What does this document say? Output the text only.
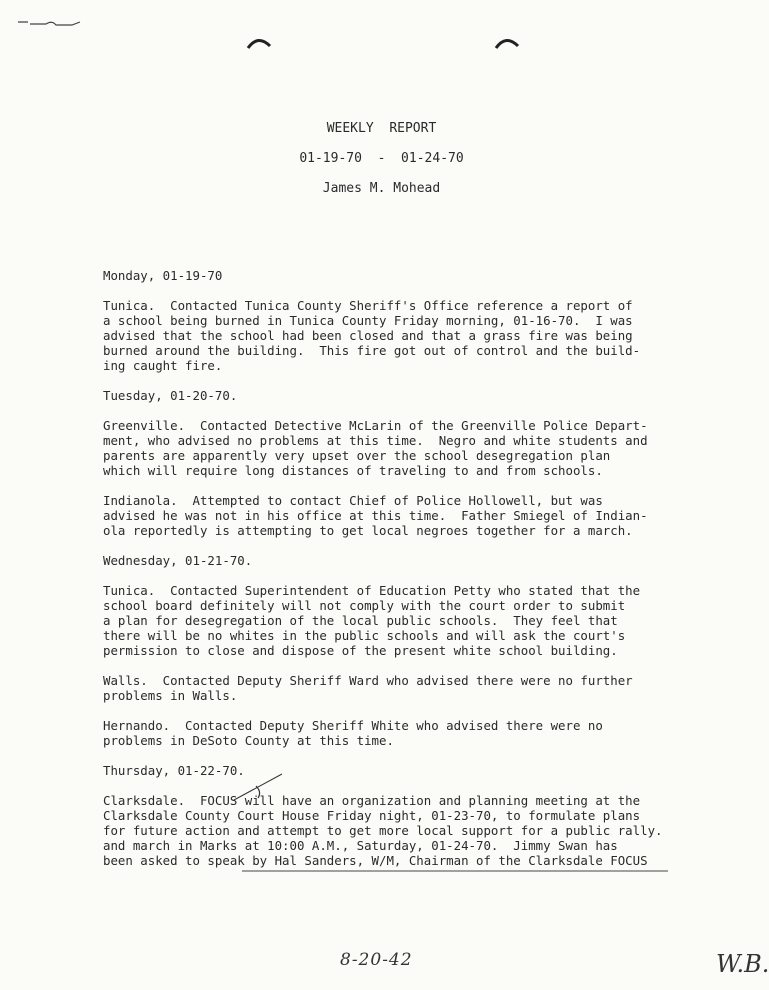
WEEKLY  REPORT
01-19-70  -  01-24-70
James M. Mohead

Monday, 01-19-70

Tunica.  Contacted Tunica County Sheriff's Office reference a report of
a school being burned in Tunica County Friday morning, 01-16-70.  I was
advised that the school had been closed and that a grass fire was being
burned around the building.  This fire got out of control and the build-
ing caught fire.

Tuesday, 01-20-70.

Greenville.  Contacted Detective McLarin of the Greenville Police Depart-
ment, who advised no problems at this time.  Negro and white students and
parents are apparently very upset over the school desegregation plan
which will require long distances of traveling to and from schools.

Indianola.  Attempted to contact Chief of Police Hollowell, but was
advised he was not in his office at this time.  Father Smiegel of Indian-
ola reportedly is attempting to get local negroes together for a march.

Wednesday, 01-21-70.

Tunica.  Contacted Superintendent of Education Petty who stated that the
school board definitely will not comply with the court order to submit
a plan for desegregation of the local public schools.  They feel that
there will be no whites in the public schools and will ask the court's
permission to close and dispose of the present white school building.

Walls.  Contacted Deputy Sheriff Ward who advised there were no further
problems in Walls.

Hernando.  Contacted Deputy Sheriff White who advised there were no
problems in DeSoto County at this time.

Thursday, 01-22-70.

Clarksdale.  FOCUS will have an organization and planning meeting at the
Clarksdale County Court House Friday night, 01-23-70, to formulate plans
for future action and attempt to get more local support for a public rally.
and march in Marks at 10:00 A.M., Saturday, 01-24-70.  Jimmy Swan has
been asked to speak by Hal Sanders, W/M, Chairman of the Clarksdale FOCUS

8-20-42	W.B.
